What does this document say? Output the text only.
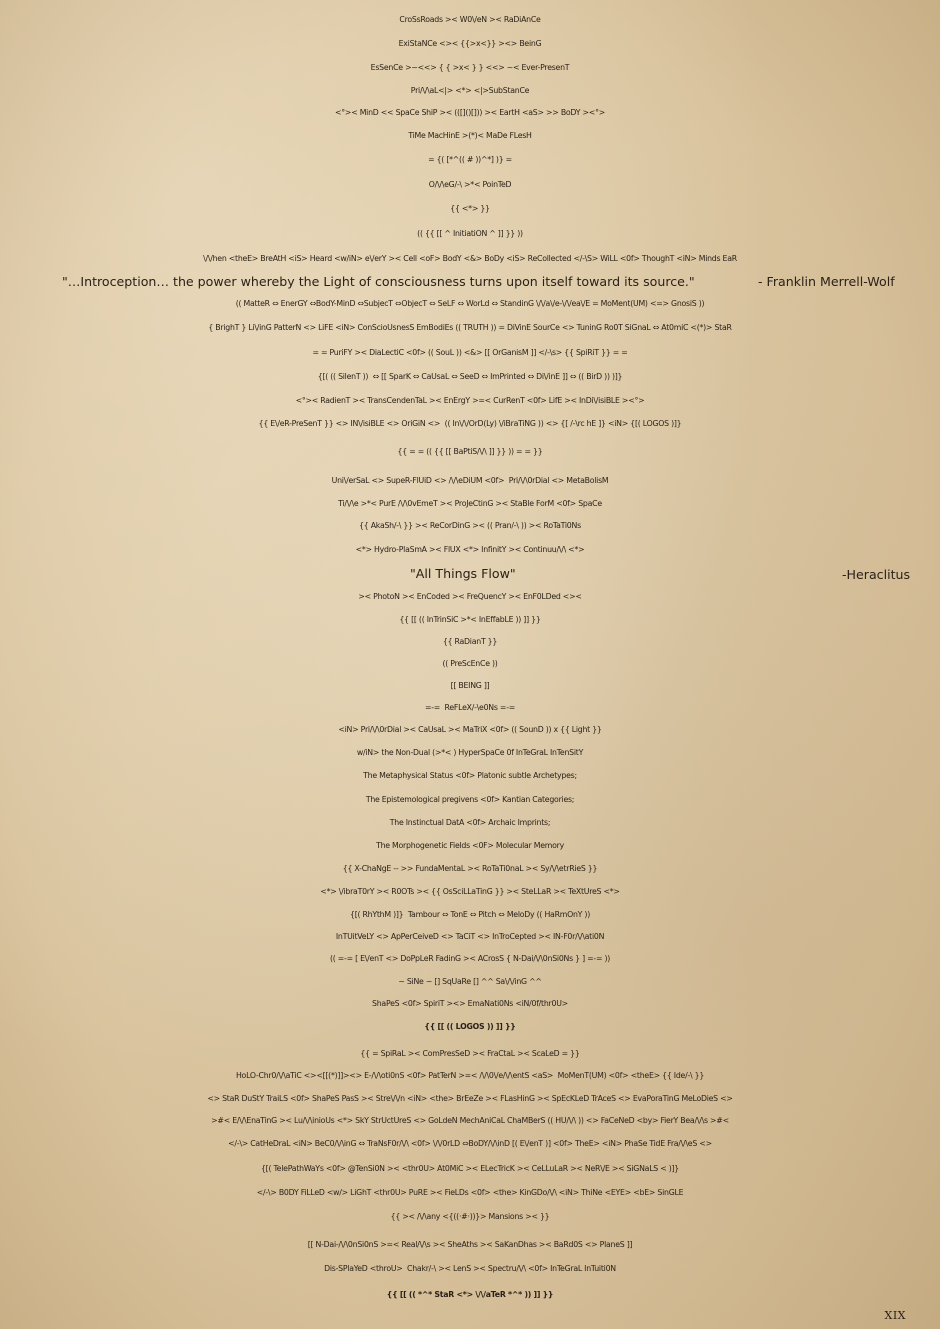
CroSsRoads >< W0\/eN >< RaDiAnCe
ExiStaNCe <>< {{>x<}} ><> BeinG
EsSenCe >~<<> { { >x< } } <<> ~< Ever-PresenT
Pri/\/\aL<|> <*> <|>SubStanCe
<°>< MinD << SpaCe ShiP >< (([]()[])) >< EartH <aS> >> BoDY ><°>
TiMe MacHinE >(*)< MaDe FLesH
= {( [*^(( # ))^*] )} =
O/\/\eG/-\ >*< PoinTeD
{{ <*> }}
(( {{ [[ ^ InitiatiON ^ ]] }} ))
\/\/hen <theE> BreAtH <iS> Heard <w/iN> e\/erY >< Cell <oF> BodY <&> BoDy <iS> ReCollected </-\S> WiLL <0f> ThoughT <iN> Minds EaR
"…Introception… the power whereby the Light of consciousness turns upon itself toward its source."	- Franklin Merrell-Wolf
(( MatteR ⇔ EnerGY ⇔BodY-MinD ⇔SubjecT ⇔ObjecT ⇔ SeLF ⇔ WorLd ⇔ StandinG \/\/a\/e-\/\/ea\/E = MoMent(UM) <=> GnosiS ))
{ BrighT } Li\/inG PatterN <> LiFE <iN> ConScioUsnesS EmBodiEs (( TRUTH )) = DiVinE SourCe <> TuninG Ro0T SiGnaL ⇔ At0miC <(*)> StaR
= = PuriFY >< DiaLectiC <0f> (( SouL )) <&> [[ OrGanisM ]] </-\s> {{ SpiRiT }} = =
{[( (( SilenT ))  ⇔ [[ SparK ⇔ CaUsaL ⇔ SeeD ⇔ ImPrinted ⇔ Di\/inE ]] ⇔ (( BirD )) )]}
<°>< RadienT >< TransCendenTaL >< EnErgY >=< CurRenT <0f> LifE >< InDi\/isiBLE ><°>
{{ E\/eR-PreSenT }} <> IN\/isiBLE <> OriGiN <>  (( In\/\/OrD(Ly) \/iBraTiNG )) <> {[ /-\rc hE ]} <iN> {[( LOGOS )]}
{{ = = (( {{ [[ BaPtiS/\/\ ]] }} )) = = }}
Uni\/erSaL <> SupeR-FlUiD <> /\/\eDiUM <0f>  Pri/\/\0rDial <> MetaBolisM
Ti/\/\e >*< PurE /\/\0vEmeT >< ProJeCtinG >< StaBle ForM <0f> SpaCe
{{ AkaSh/-\ }} >< ReCorDinG >< (( Pran/-\ )) >< RoTaTi0Ns
<*> Hydro-PlaSmA >< FlUX <*> InfinitY >< Continuu/\/\ <*>
"All Things Flow"	-Heraclitus
>< PhotoN >< EnCoded >< FreQuencY >< EnF0LDed <><
{{ [[ (( InTrinSiC >*< InEffabLE )) ]] }}
{{ RaDianT }}
(( PreScEnCe ))
[[ BEING ]]
=-=  ReFLeX/-\e0Ns =-=
<iN> Pri/\/\0rDial >< CaUsaL >< MaTriX <0f> (( SounD )) x {{ Light }}
w/iN> the Non-Dual (>*< ) HyperSpaCe 0f InTeGraL InTenSitY
The Metaphysical Status <0f> Platonic subtle Archetypes;
The Epistemological pregivens <0f> Kantian Categories;
The Instinctual DatA <0f> Archaic Imprints;
The Morphogenetic Fields <0F> Molecular Memory
{{ X-ChaNgE -- >> FundaMentaL >< RoTaTi0naL >< Sy/\/\etrRieS }}
<*> \/ibraT0rY >< R0OTs >< {{ OsSciLLaTinG }} >< SteLLaR >< TeXtUreS <*>
{[( RhYthM )]}  Tambour ⇔ TonE ⇔ Pitch ⇔ MeloDy (( HaRmOnY ))
InTUitVeLY <> ApPerCeiveD <> TaCiT <> InTroCepted >< IN-F0r/\/\ati0N
(( =-= [ E\/enT <> DoPpLeR FadinG >< ACrosS { N-Dai/\/\0nSi0Ns } ] =-= ))
~ SiNe ~ [] SqUaRe [] ^^ Sa\/\/inG ^^
ShaPeS <0f> SpiriT ><> EmaNati0Ns <iN/0f/thr0U>
{{ [[ (( LOGOS )) ]] }}
{{ = SpiRaL >< ComPresSeD >< FraCtaL >< ScaLeD = }}
HoLO-Chr0/\/\aTiC <><[[(*)]]><> E-/\/\oti0nS <0f> PatTerN >=< /\/\0\/e/\/\entS <aS>  MoMenT(UM) <0f> <theE> {{ Ide/-\ }}
<> StaR DuStY TraiLS <0f> ShaPeS PasS >< Stre\/\/n <iN> <the> BrEeZe >< FLasHinG >< SpEcKLeD TrAceS <> EvaPoraTinG MeLoDieS <>
>#< E/\/\EnaTinG >< Lu/\/\inioUs <*> SkY StrUctUreS <> GoLdeN MechAniCaL ChaMBerS (( HU/\/\ )) <> FaCeNeD <by> FierY Bea/\/\s >#<
</-\> CatHeDraL <iN> BeC0/\/\inG ⇔ TraNsF0r/\/\ <0f> \/\/0rLD ⇔BoDY/\/\inD [( E\/enT )] <0f> TheE> <iN> PhaSe TidE Fra/\/\eS <>
{[( TelePathWaYs <0f> @TenSi0N >< <thr0U> At0MiC >< ELecTricK >< CeLLuLaR >< NeR\/E >< SiGNaLS < )]}
</-\> B0DY FiLLeD <w/> LiGhT <thr0U> PuRE >< FieLDs <0f> <the> KinGDo/\/\ <iN> ThiNe <EYE> <bE> SinGLE
{{ >< /\/\any <{((·#·))}> Mansions >< }}
[[ N-Dai-/\/\0nSi0nS >=< Real/\/\s >< SheAths >< SaKanDhas >< BaRd0S <> PlaneS ]]
Dis-SPlaYeD <throU>  Chakr/-\ >< LenS >< Spectru/\/\ <0f> InTeGraL InTuiti0N
{{ [[ (( *^* StaR <*> \/\/aTeR *^* )) ]] }}
XIX
